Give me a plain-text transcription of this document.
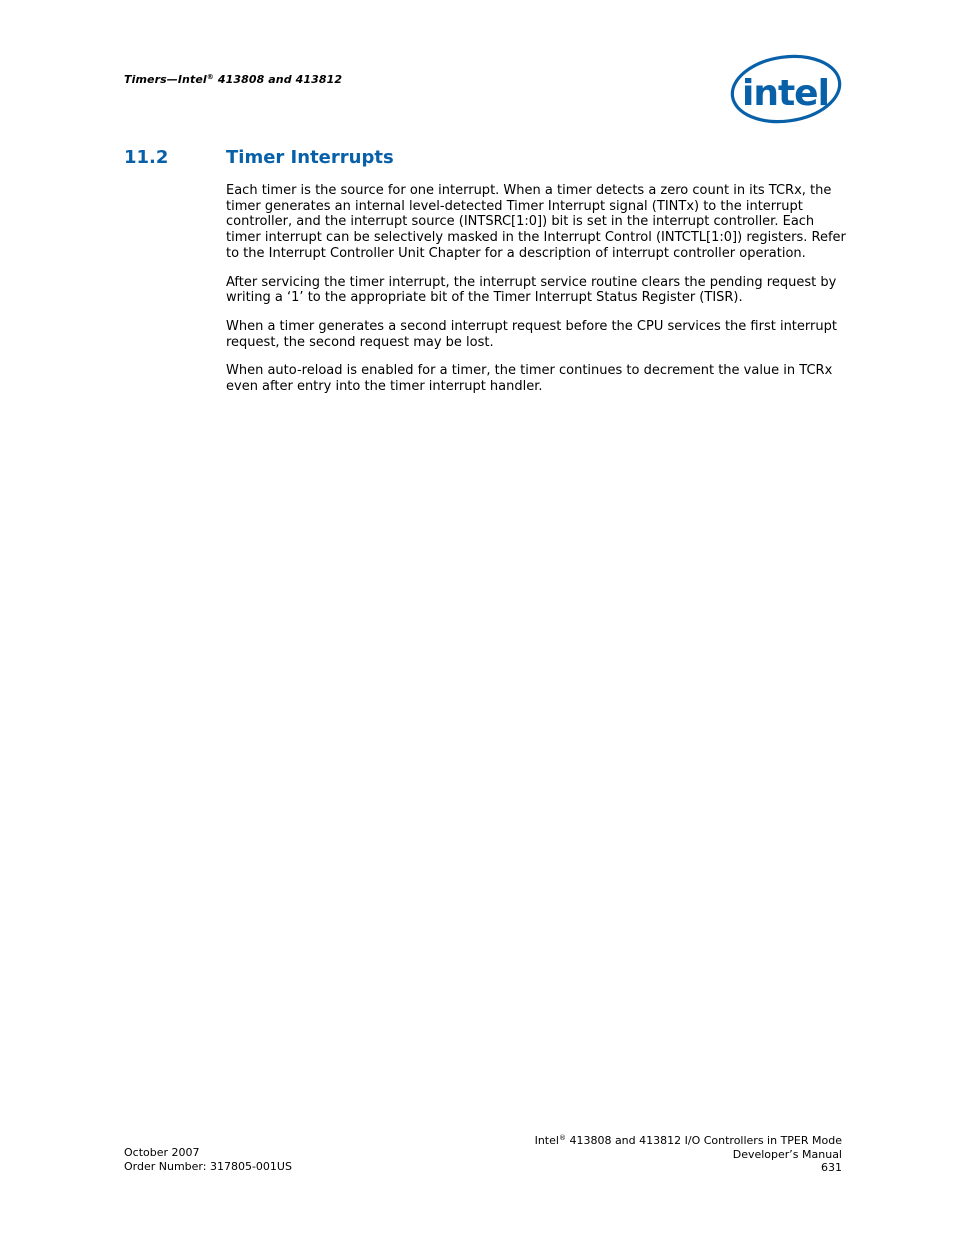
Timers—Intel® 413808 and 413812	intel
11.2	Timer Interrupts

Each timer is the source for one interrupt. When a timer detects a zero count in its TCRx, the timer generates an internal level-detected Timer Interrupt signal (TINTx) to the interrupt controller, and the interrupt source (INTSRC[1:0]) bit is set in the interrupt controller. Each timer interrupt can be selectively masked in the Interrupt Control (INTCTL[1:0]) registers. Refer to the Interrupt Controller Unit Chapter for a description of interrupt controller operation.

After servicing the timer interrupt, the interrupt service routine clears the pending request by writing a ‘1’ to the appropriate bit of the Timer Interrupt Status Register (TISR).

When a timer generates a second interrupt request before the CPU services the first interrupt request, the second request may be lost.

When auto-reload is enabled for a timer, the timer continues to decrement the value in TCRx even after entry into the timer interrupt handler.

October 2007
Order Number: 317805-001US
Intel® 413808 and 413812 I/O Controllers in TPER Mode
Developer’s Manual
631
